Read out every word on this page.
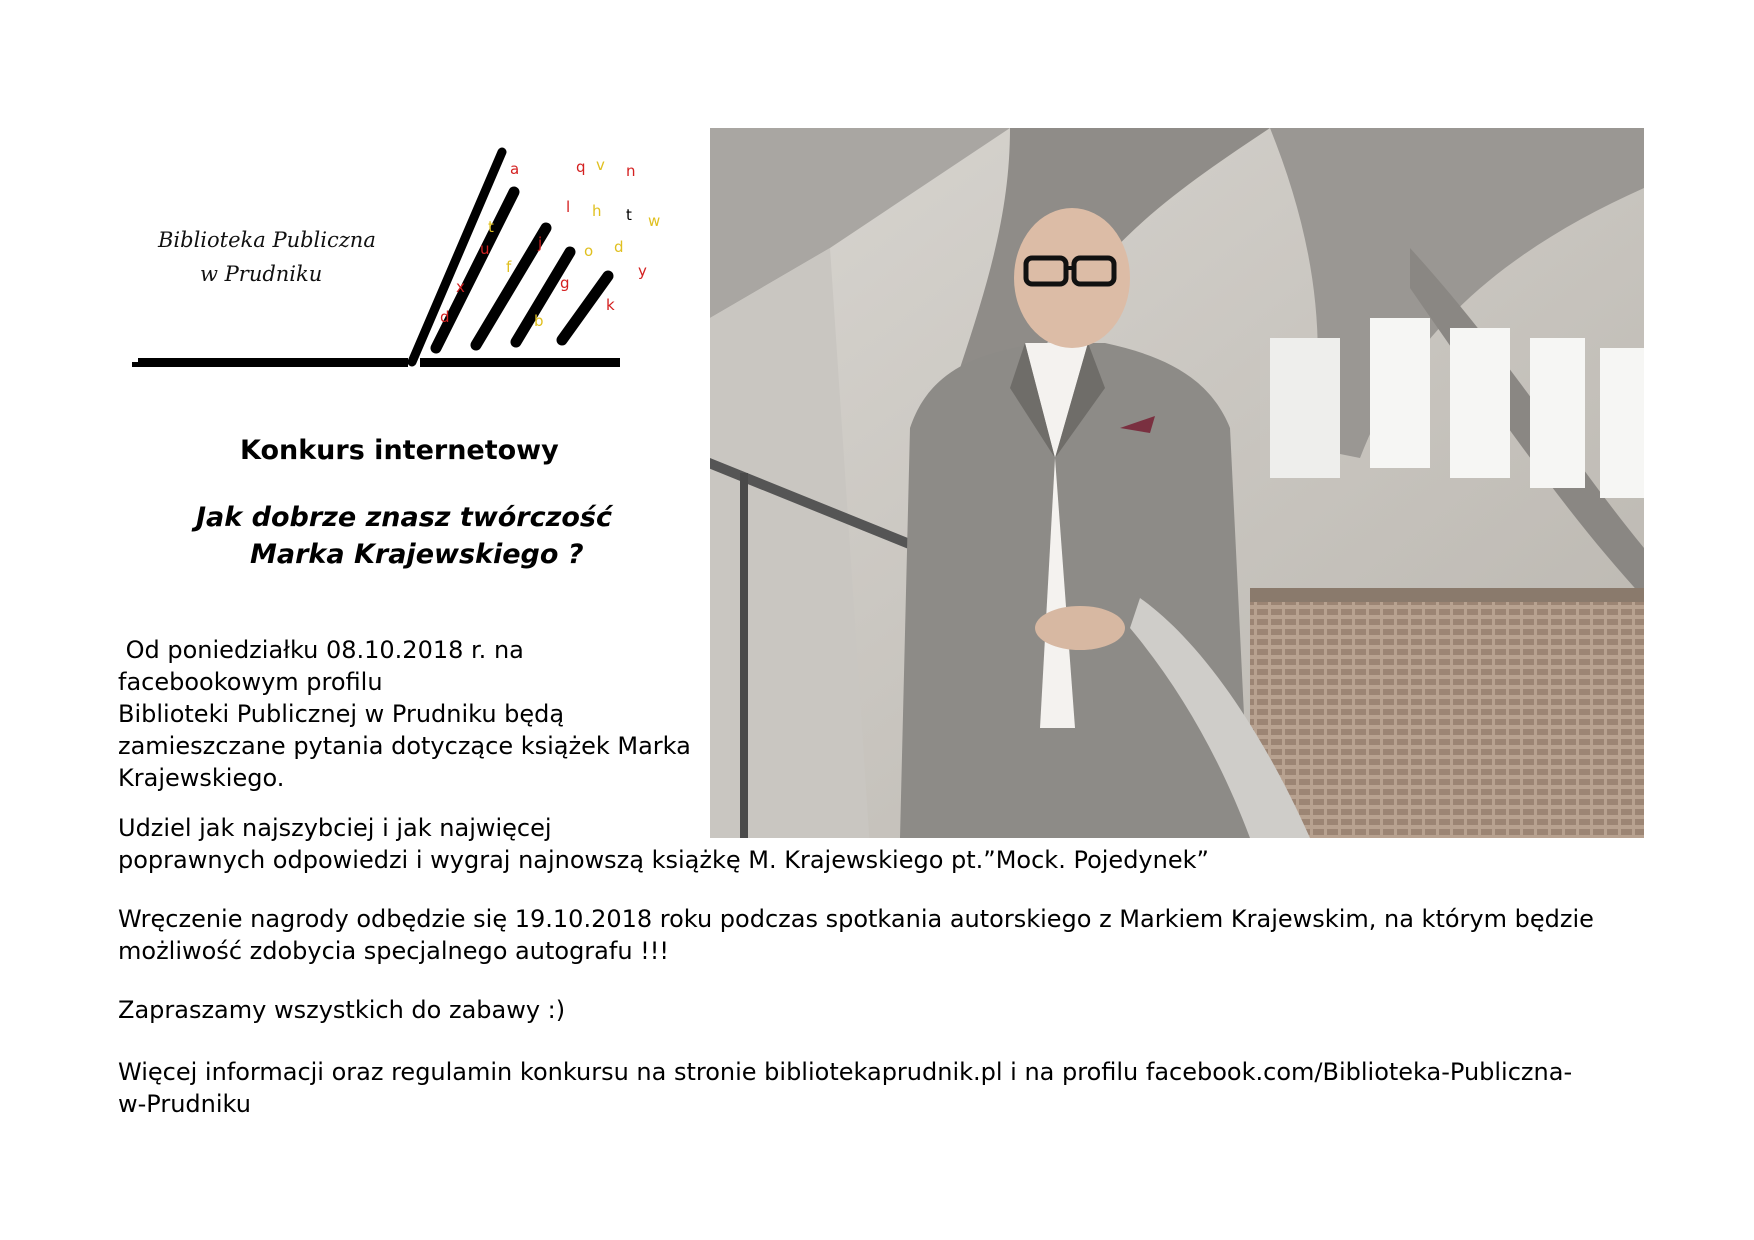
a	q v n
l h t w
t
u	j	o d
f	y
x	g
k
d	b
Biblioteka Publiczna
w Prudniku
Konkurs internetowy
Jak dobrze znasz twórczość
Marka Krajewskiego ?
Od poniedziałku 08.10.2018 r. na
facebookowym profilu
Biblioteki Publicznej w Prudniku będą
zamieszczane pytania dotyczące książek Marka
Krajewskiego.
Udziel jak najszybciej i jak najwięcej
poprawnych odpowiedzi i wygraj najnowszą książkę M. Krajewskiego pt.”Mock. Pojedynek”
Wręczenie nagrody odbędzie się 19.10.2018 roku podczas spotkania autorskiego z Markiem Krajewskim, na którym będzie
możliwość zdobycia specjalnego autografu !!!
Zapraszamy wszystkich do zabawy :)
Więcej informacji oraz regulamin konkursu na stronie bibliotekaprudnik.pl i na profilu facebook.com/Biblioteka-Publiczna-
w-Prudniku
